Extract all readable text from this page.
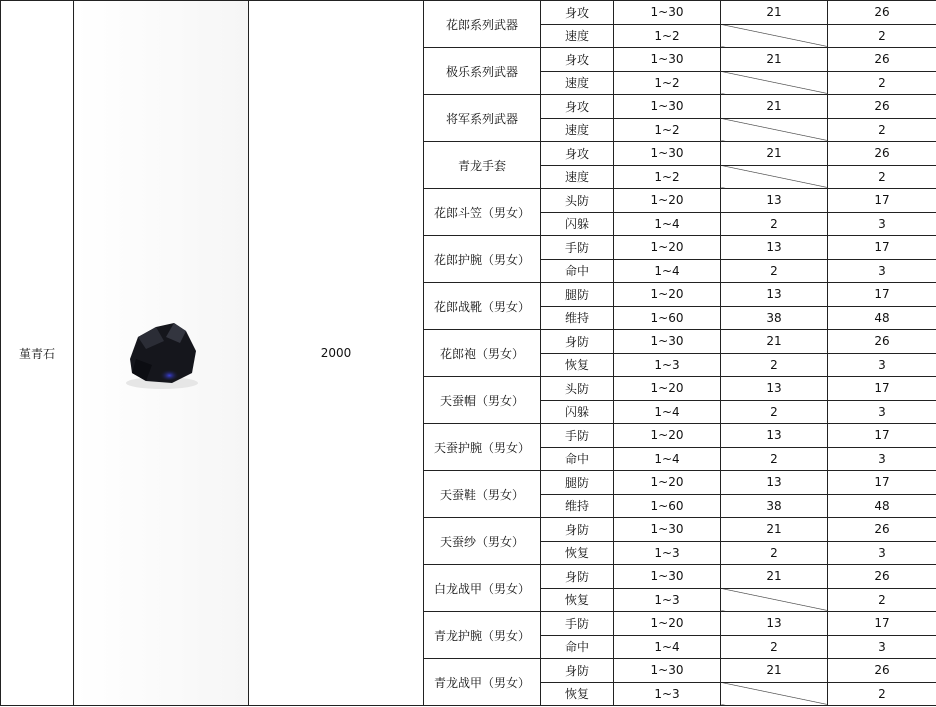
堇青石		2000	花郎系列武器	身攻	1~30	21	26
				速度	1~2		2
			极乐系列武器	身攻	1~30	21	26
				速度	1~2		2
			将军系列武器	身攻	1~30	21	26
				速度	1~2		2
			青龙手套	身攻	1~30	21	26
				速度	1~2		2
			花郎斗笠（男女）	头防	1~20	13	17
				闪躲	1~4	2	3
			花郎护腕（男女）	手防	1~20	13	17
				命中	1~4	2	3
			花郎战靴（男女）	腿防	1~20	13	17
				维持	1~60	38	48
			花郎袍（男女）	身防	1~30	21	26
				恢复	1~3	2	3
			天蚕帽（男女）	头防	1~20	13	17
				闪躲	1~4	2	3
			天蚕护腕（男女）	手防	1~20	13	17
				命中	1~4	2	3
			天蚕鞋（男女）	腿防	1~20	13	17
				维持	1~60	38	48
			天蚕纱（男女）	身防	1~30	21	26
				恢复	1~3	2	3
			白龙战甲（男女）	身防	1~30	21	26
				恢复	1~3		2
			青龙护腕（男女）	手防	1~20	13	17
				命中	1~4	2	3
			青龙战甲（男女）	身防	1~30	21	26
				恢复	1~3		2
